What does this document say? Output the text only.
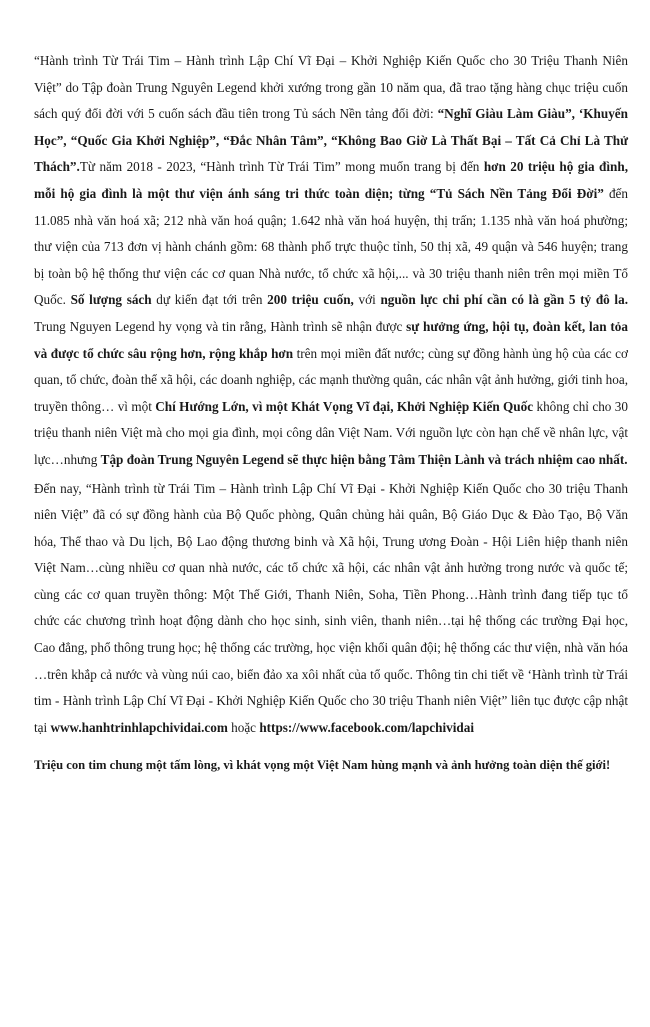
“Hành trình Từ Trái Tim – Hành trình Lập Chí Vĩ Đại – Khởi Nghiệp Kiến Quốc cho 30 Triệu Thanh Niên Việt” do Tập đoàn Trung Nguyên Legend khởi xướng trong gần 10 năm qua, đã trao tặng hàng chục triệu cuốn sách quý đổi đời với 5 cuốn sách đầu tiên trong Tủ sách Nền tảng đổi đời: “Nghĩ Giàu Làm Giàu”, ‘Khuyến Học”, “Quốc Gia Khởi Nghiệp”, “Đắc Nhân Tâm”, “Không Bao Giờ Là Thất Bại – Tất Cả Chỉ Là Thử Thách”.Từ năm 2018 - 2023, “Hành trình Từ Trái Tim” mong muốn trang bị đến hơn 20 triệu hộ gia đình, mỗi hộ gia đình là một thư viện ánh sáng tri thức toàn diện; từng “Tủ Sách Nền Tảng Đổi Đời” đến 11.085 nhà văn hoá xã; 212 nhà văn hoá quận; 1.642 nhà văn hoá huyện, thị trấn; 1.135 nhà văn hoá phường; thư viện của 713 đơn vị hành chánh gồm: 68 thành phố trực thuộc tỉnh, 50 thị xã, 49 quận và 546 huyện; trang bị toàn bộ hệ thống thư viện các cơ quan Nhà nước, tổ chức xã hội,... và 30 triệu thanh niên trên mọi miền Tổ Quốc. Số lượng sách dự kiến đạt tới trên 200 triệu cuốn, với nguồn lực chi phí cần có là gần 5 tỷ đô la. Trung Nguyen Legend hy vọng và tin rằng, Hành trình sẽ nhận được sự hưởng ứng, hội tụ, đoàn kết, lan tỏa và được tổ chức sâu rộng hơn, rộng khắp hơn trên mọi miền đất nước; cùng sự đồng hành ủng hộ của các cơ quan, tổ chức, đoàn thể xã hội, các doanh nghiệp, các mạnh thường quân, các nhân vật ảnh hưởng, giới tinh hoa, truyền thông… vì một Chí Hướng Lớn, vì một Khát Vọng Vĩ đại, Khởi Nghiệp Kiến Quốc không chỉ cho 30 triệu thanh niên Việt mà cho mọi gia đình, mọi công dân Việt Nam. Với nguồn lực còn hạn chế về nhân lực, vật lực…nhưng Tập đoàn Trung Nguyên Legend sẽ thực hiện bằng Tâm Thiện Lành và trách nhiệm cao nhất.

Đến nay, “Hành trình từ Trái Tim – Hành trình Lập Chí Vĩ Đại - Khởi Nghiệp Kiến Quốc cho 30 triệu Thanh niên Việt” đã có sự đồng hành của Bộ Quốc phòng, Quân chủng hải quân, Bộ Giáo Dục & Đào Tạo, Bộ Văn hóa, Thể thao và Du lịch, Bộ Lao động thương binh và Xã hội, Trung ương Đoàn - Hội Liên hiệp thanh niên Việt Nam…cùng nhiều cơ quan nhà nước, các tổ chức xã hội, các nhân vật ảnh hưởng trong nước và quốc tế; cùng các cơ quan truyền thông: Một Thế Giới, Thanh Niên, Soha, Tiền Phong…Hành trình đang tiếp tục tổ chức các chương trình hoạt động dành cho học sinh, sinh viên, thanh niên…tại hệ thống các trường Đại học, Cao đẳng, phổ thông trung học; hệ thống các trường, học viện khối quân đội; hệ thống các thư viện, nhà văn hóa …trên khắp cả nước và vùng núi cao, biển đảo xa xôi nhất của tổ quốc. Thông tin chi tiết về ‘Hành trình từ Trái tim - Hành trình Lập Chí Vĩ Đại - Khởi Nghiệp Kiến Quốc cho 30 triệu Thanh niên Việt” liên tục được cập nhật tại www.hanhtrinhlapchividai.com hoặc https://www.facebook.com/lapchividai

Triệu con tim chung một tấm lòng, vì khát vọng một Việt Nam hùng mạnh và ảnh hưởng toàn diện thế giới!
